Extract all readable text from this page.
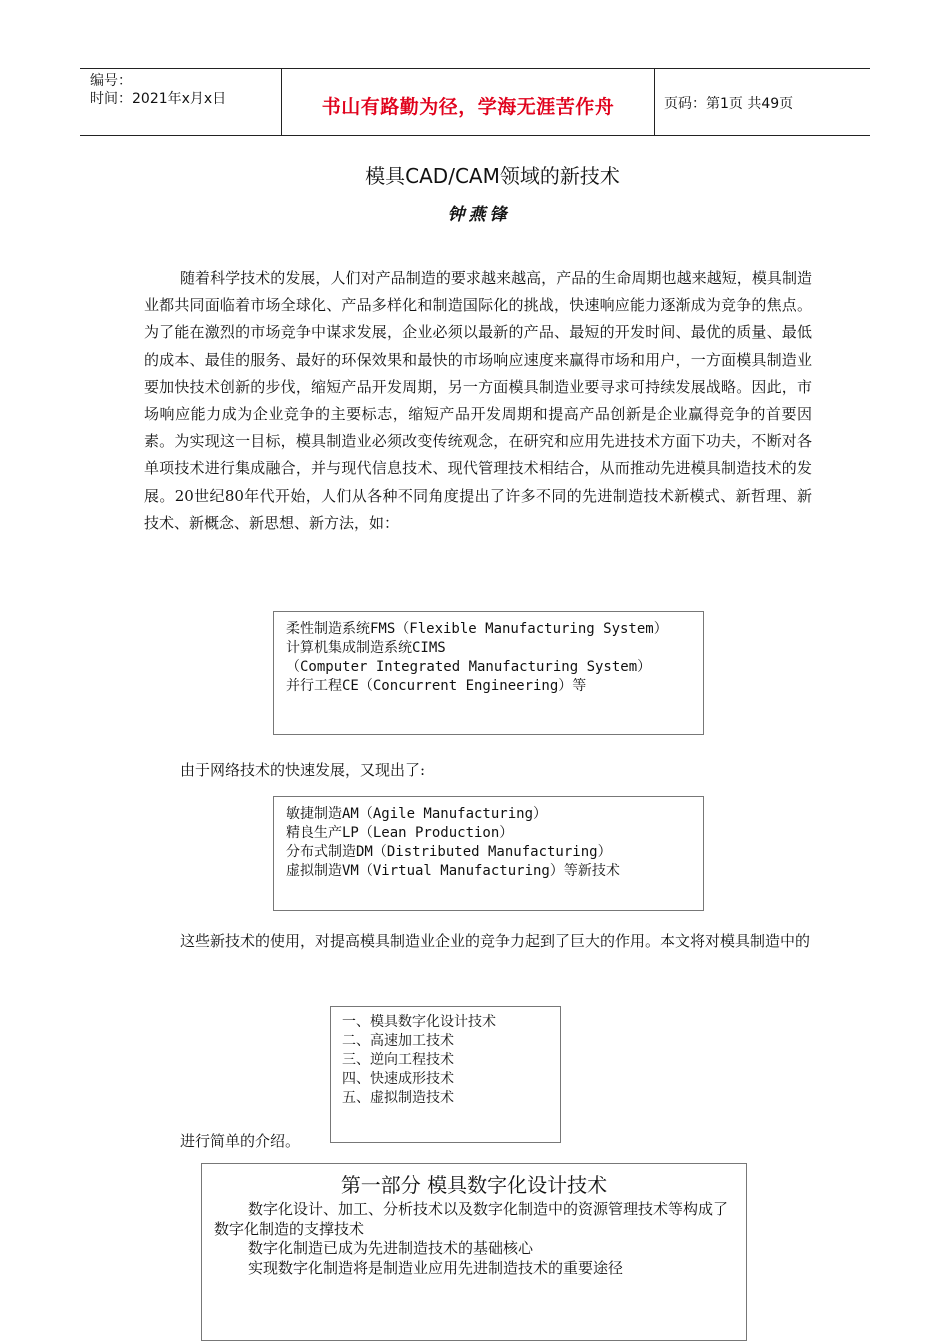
编号：
时间：2021年x月x日	书山有路勤为径，学海无涯苦作舟	页码：第1页 共49页
模具CAD/CAM领域的新技术
钟燕锋
随着科学技术的发展，人们对产品制造的要求越来越高，产品的生命周期也越来越短，模具制造业都共同面临着市场全球化、产品多样化和制造国际化的挑战，快速响应能力逐渐成为竞争的焦点。为了能在激烈的市场竞争中谋求发展，企业必须以最新的产品、最短的开发时间、最优的质量、最低的成本、最佳的服务、最好的环保效果和最快的市场响应速度来赢得市场和用户，一方面模具制造业要加快技术创新的步伐，缩短产品开发周期，另一方面模具制造业要寻求可持续发展战略。因此，市场响应能力成为企业竞争的主要标志，缩短产品开发周期和提高产品创新是企业赢得竞争的首要因素。为实现这一目标，模具制造业必须改变传统观念，在研究和应用先进技术方面下功夫，不断对各单项技术进行集成融合，并与现代信息技术、现代管理技术相结合，从而推动先进模具制造技术的发展。20世纪80年代开始，人们从各种不同角度提出了许多不同的先进制造技术新模式、新哲理、新技术、新概念、新思想、新方法，如：
柔性制造系统FMS（Flexible Manufacturing System）
计算机集成制造系统CIMS
（Computer Integrated Manufacturing System）
并行工程CE（Concurrent Engineering）等
由于网络技术的快速发展，又现出了:
敏捷制造AM（Agile Manufacturing）
精良生产LP（Lean Production）
分布式制造DM（Distributed Manufacturing）
虚拟制造VM（Virtual Manufacturing）等新技术
这些新技术的使用，对提高模具制造业企业的竞争力起到了巨大的作用。本文将对模具制造中的
一、模具数字化设计技术
二、高速加工技术
三、逆向工程技术
四、快速成形技术
五、虚拟制造技术
进行简单的介绍。
第一部分 模具数字化设计技术
数字化设计、加工、分析技术以及数字化制造中的资源管理技术等构成了数字化制造的支撑技术
数字化制造已成为先进制造技术的基础核心
实现数字化制造将是制造业应用先进制造技术的重要途径
